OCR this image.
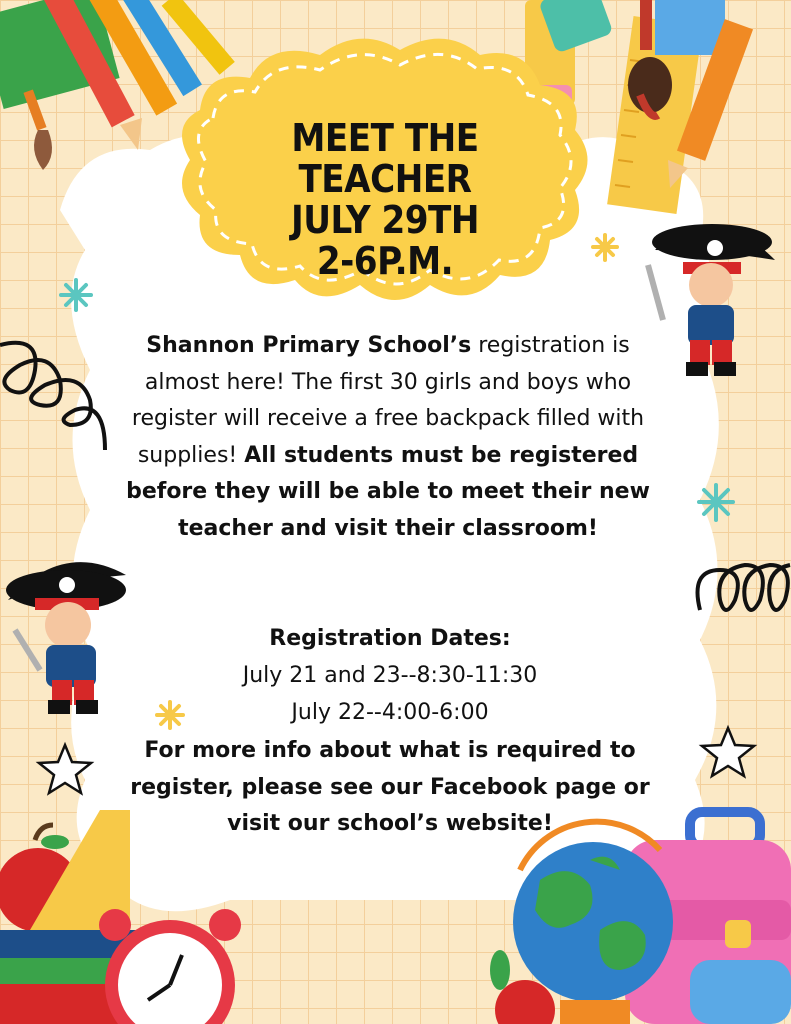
MEET THE TEACHER
JULY 29TH
2-6P.M.
Shannon Primary School’s registration is almost here! The first 30 girls and boys who register will receive a free backpack filled with supplies! All students must be registered before they will be able to meet their new teacher and visit their classroom!
Registration Dates:
July 21 and 23--8:30-11:30
July 22--4:00-6:00
For more info about what is required to register, please see our Facebook page or visit our school’s website!
